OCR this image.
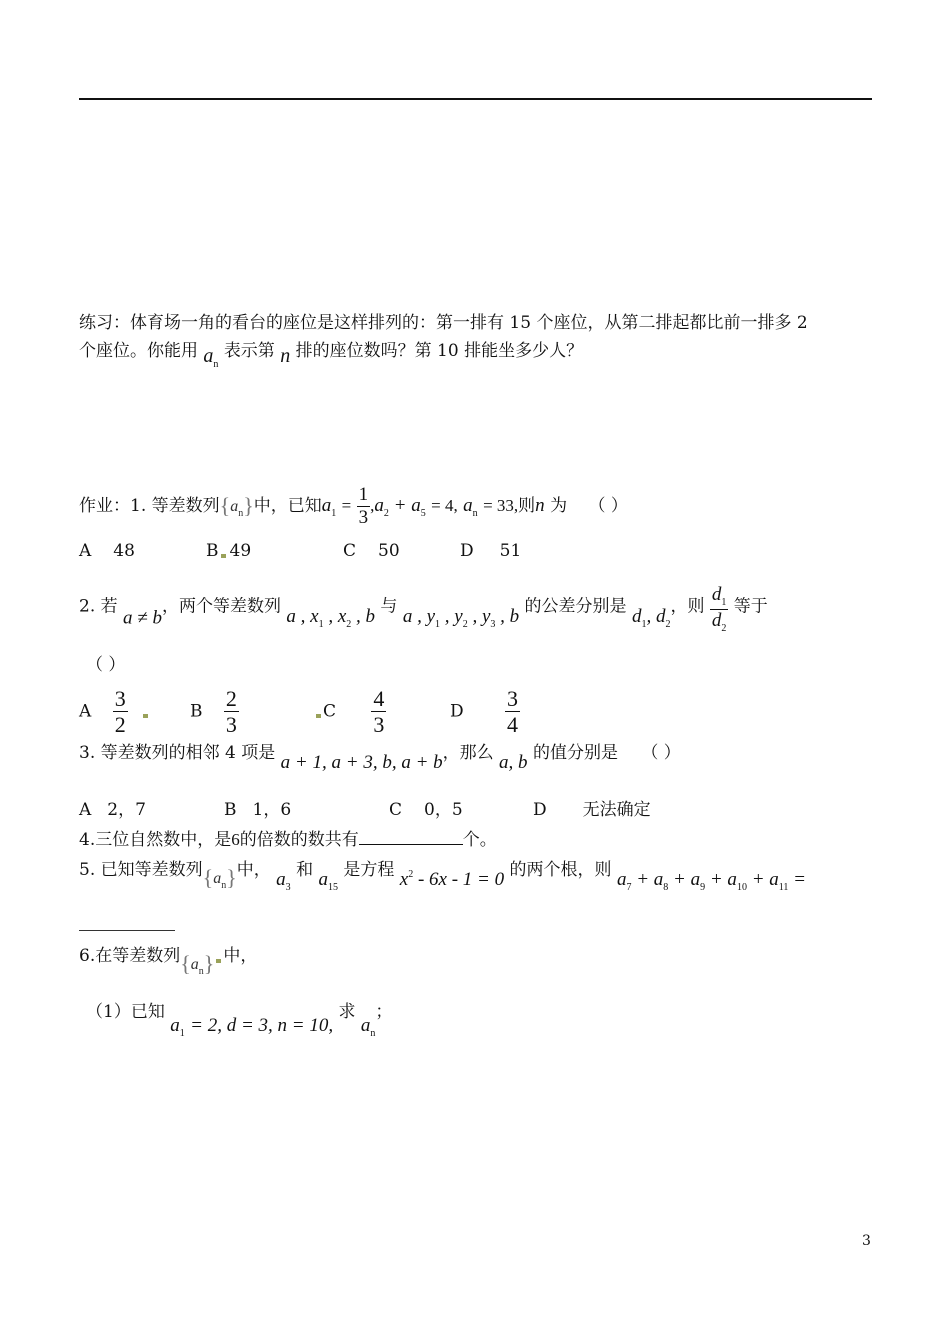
练习：体育场一角的看台的座位是这样排列的：第一排有 15 个座位，从第二排起都比前一排多 2
个座位。你能用 $a_n$ 表示第 n 排的座位数吗？第 10 排能坐多少人？
作业：1. 等差数列$\{a_n\}$中，已知$a_1 = \frac{1}{3} ,a_2 + a_5 = 4$, $a_n = 33$,则n 为 （ ）
A 48	B 49	C 50	D 51
2. 若 a ≠ b，两个等差数列 a , $x_1$ , $x_2$ , b 与 a , $y_1$ , $y_2$ , $y_3$ , b 的公差分别是 $d_1$, $d_2$，则 $\frac{d_1}{d_2}$ 等于
（ ）
A $\frac{3}{2}$
	B $\frac{2}{3}$	C $\frac{4}{3}$	D $\frac{3}{4}$
3. 等差数列的相邻 4 项是 a + 1, a + 3, b, a + b，那么 a, b 的值分别是 （ ）
A 2，7	B 1，6	C 0，5	D 无法确定
4.三位自然数中，是6的倍数的数共有	个。
5. 已知等差数列$\{a_n\}$中， $a_3$ 和 $a_{15}$ 是方程 $x^2 - 6x - 1 = 0$ 的两个根，则 $a_7 + a_8 + a_9 + a_{10} + a_{11}$ =
6.在等差数列$\{a_n\}$ 中，
（1）已知 $a_1 = 2$, d = 3, n = 10, 求 $a_n$；
3
